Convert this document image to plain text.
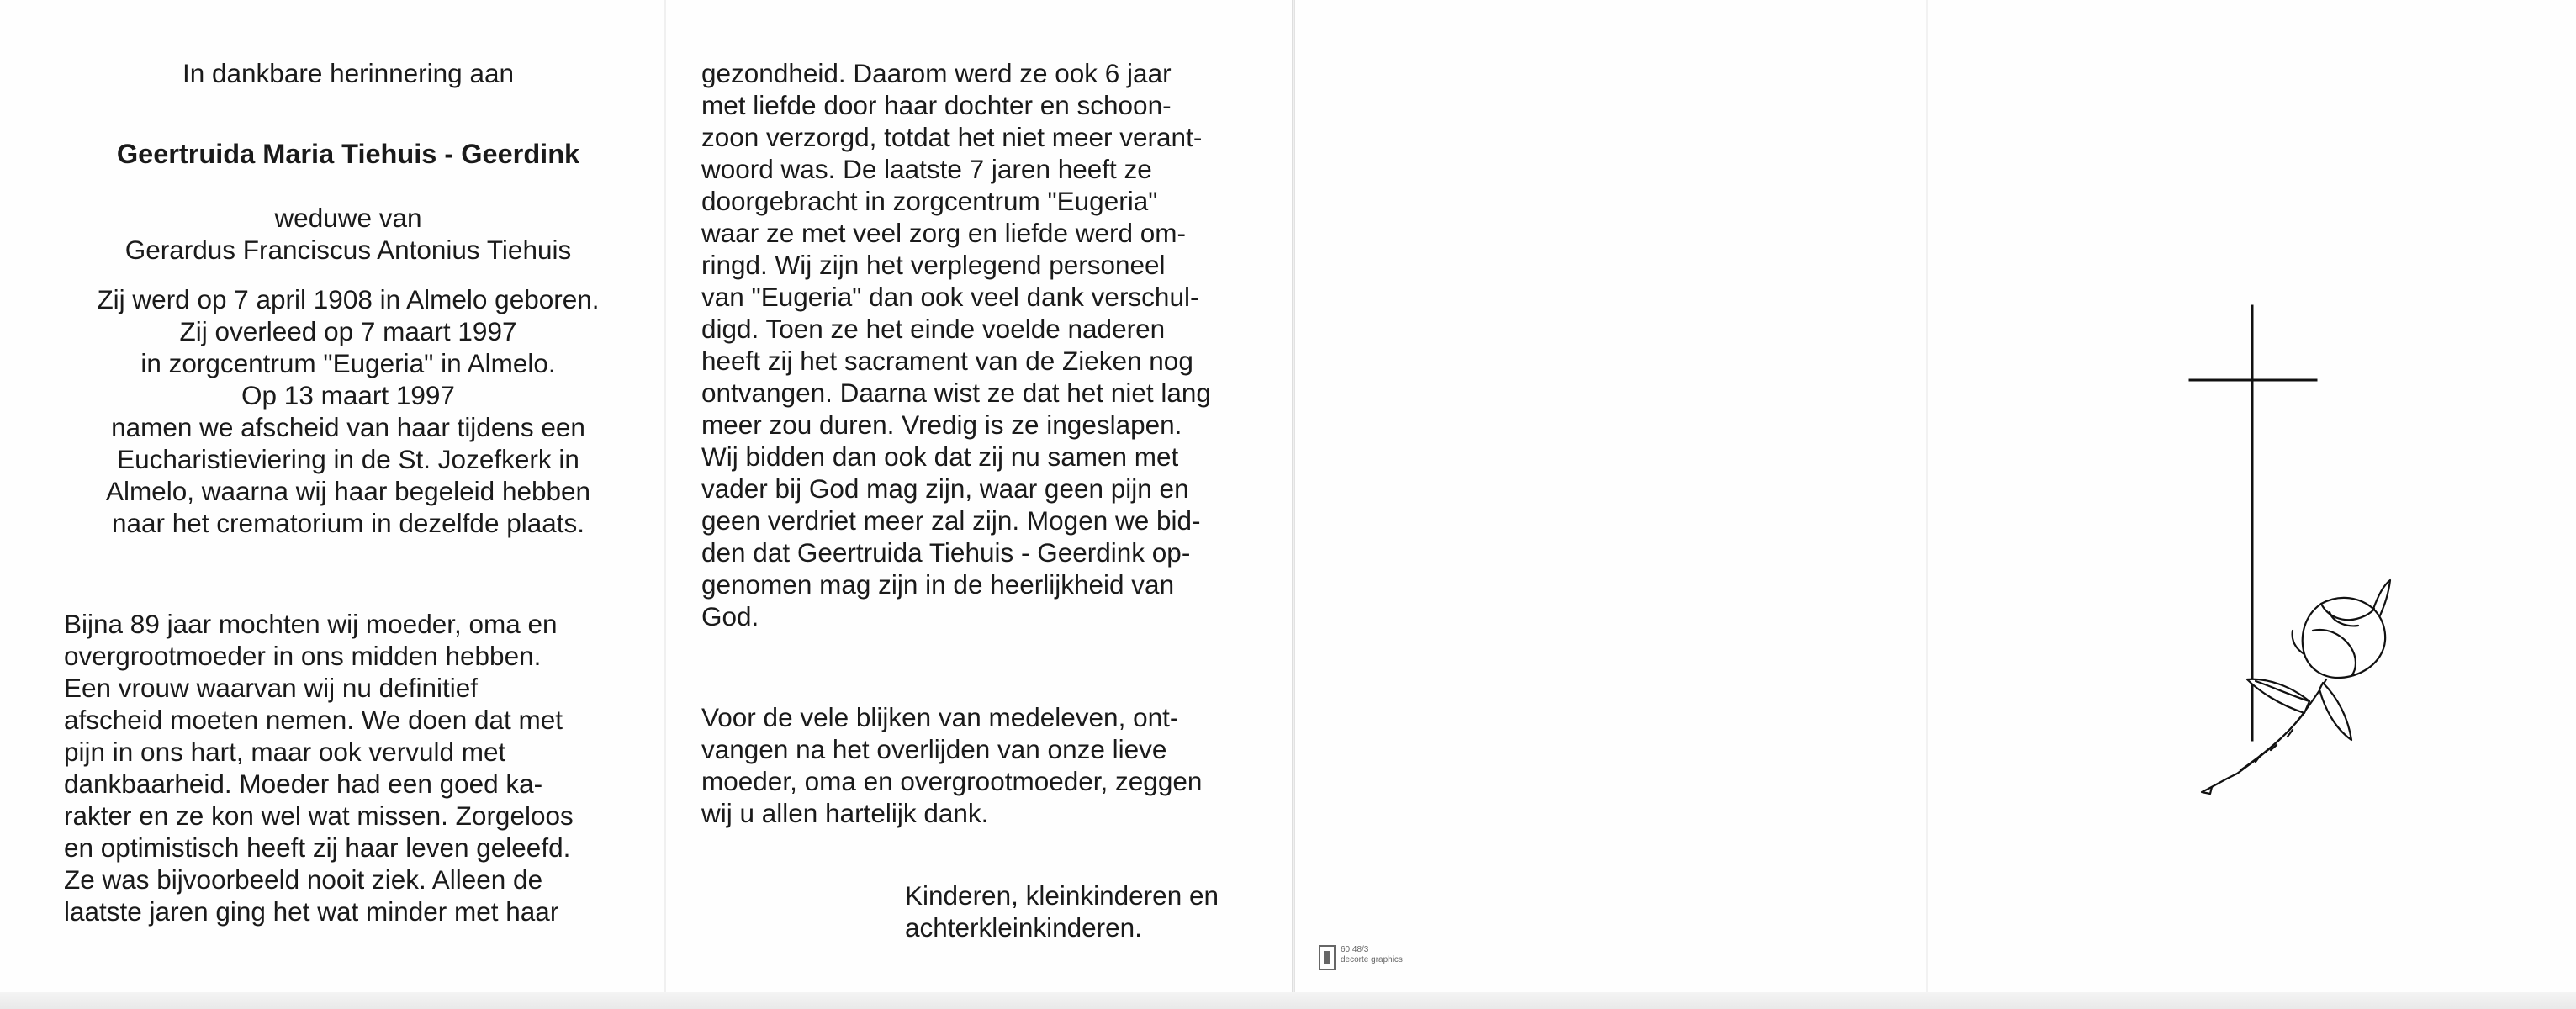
In dankbare herinnering aan

Geertruida Maria Tiehuis - Geerdink

weduwe van

Gerardus Franciscus Antonius Tiehuis

Zij werd op 7 april 1908 in Almelo geboren.

Zij overleed op 7 maart 1997

in zorgcentrum "Eugeria" in Almelo.

Op 13 maart 1997

namen we afscheid van haar tijdens een

Eucharistieviering in de St. Jozefkerk in

Almelo, waarna wij haar begeleid hebben

naar het crematorium in dezelfde plaats.

Bijna 89 jaar mochten wij moeder, oma en

overgrootmoeder in ons midden hebben.

Een vrouw waarvan wij nu definitief

afscheid moeten nemen. We doen dat met

pijn in ons hart, maar ook vervuld met

dankbaarheid. Moeder had een goed ka-

rakter en ze kon wel wat missen. Zorgeloos

en optimistisch heeft zij haar leven geleefd.

Ze was bijvoorbeeld nooit ziek. Alleen de

laatste jaren ging het wat minder met haar

gezondheid. Daarom werd ze ook 6 jaar

met liefde door haar dochter en schoon-

zoon verzorgd, totdat het niet meer verant-

woord was. De laatste 7 jaren heeft ze

doorgebracht in zorgcentrum "Eugeria"

waar ze met veel zorg en liefde werd om-

ringd. Wij zijn het verplegend personeel

van "Eugeria" dan ook veel dank verschul-

digd. Toen ze het einde voelde naderen

heeft zij het sacrament van de Zieken nog

ontvangen. Daarna wist ze dat het niet lang

meer zou duren. Vredig is ze ingeslapen.

Wij bidden dan ook dat zij nu samen met

vader bij God mag zijn, waar geen pijn en

geen verdriet meer zal zijn. Mogen we bid-

den dat Geertruida Tiehuis - Geerdink op-

genomen mag zijn in de heerlijkheid van

God.

Voor de vele blijken van medeleven, ont-

vangen na het overlijden van onze lieve

moeder, oma en overgrootmoeder, zeggen

wij u allen hartelijk dank.

Kinderen, kleinkinderen en

achterkleinkinderen.

60.48/3
decorte graphics
